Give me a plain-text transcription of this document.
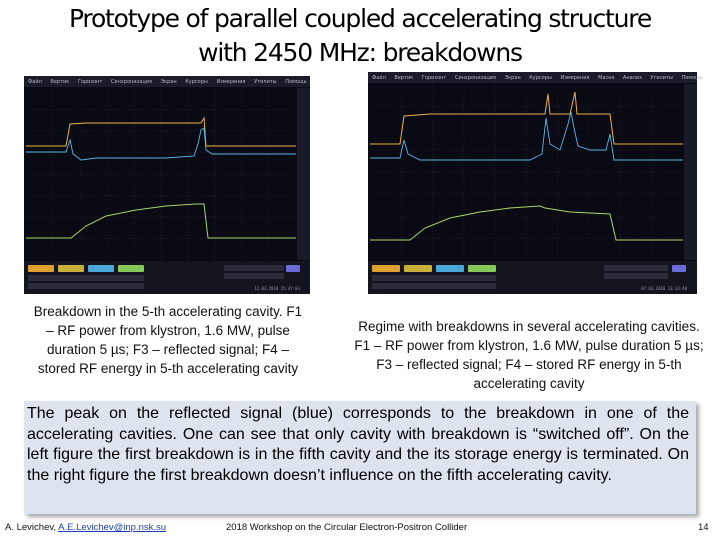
Prototype of parallel coupled accelerating structure
with 2450 MHz: breakdowns
Файл Вертик Горизонт Синхронизация Экран Курсоры Измерения Утилиты Помощь
12.03.2018 15:47:03
Файл Вертик Горизонт Синхронизация Экран Курсоры Измерения Маска Анализ Утилиты Помощь
07.03.2018 13:33:40
Breakdown in the 5-th accelerating cavity. F1 – RF power from klystron, 1.6 MW, pulse duration 5 µs; F3 – reflected signal; F4 – stored RF energy in 5-th accelerating cavity
Regime with breakdowns in several accelerating cavities. F1 – RF power from klystron, 1.6 MW, pulse duration 5 µs; F3 – reflected signal; F4 – stored RF energy in 5-th accelerating cavity
The peak on the reflected signal (blue) corresponds to the breakdown in one of the accelerating cavities. One can see that only cavity with breakdown is “switched off”. On the left figure the first breakdown is in the fifth cavity and the its storage energy is terminated. On the right figure the first breakdown doesn’t influence on the fifth accelerating cavity.
A. Levichev, A.E.Levichev@inp.nsk.su	2018 Workshop on the Circular Electron-Positron Collider	14
